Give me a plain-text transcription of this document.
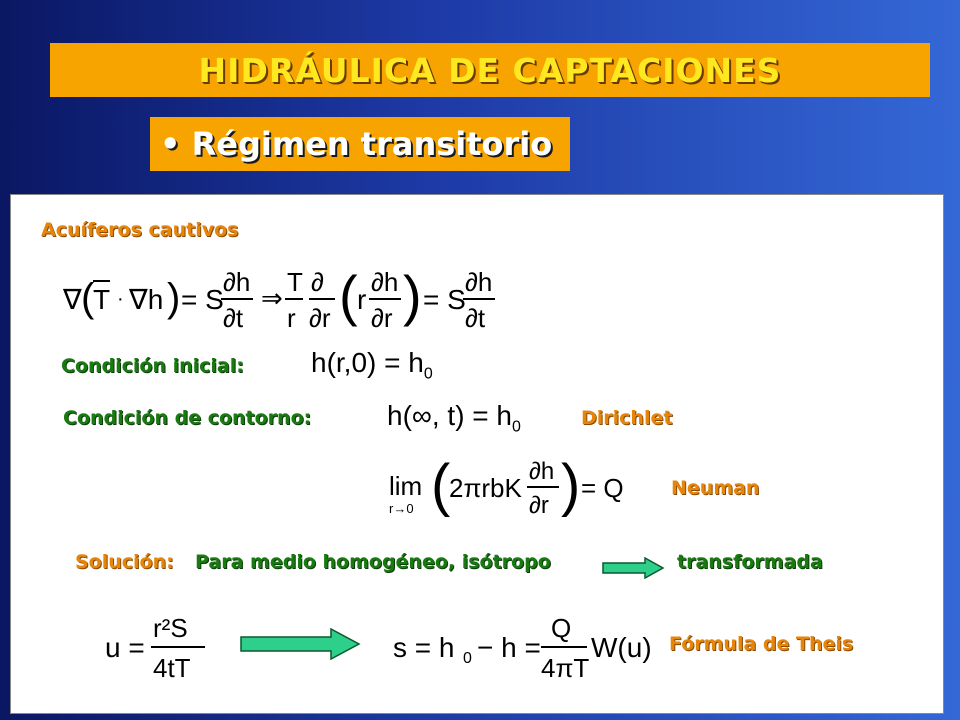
HIDRÁULICA DE CAPTACIONES
• Régimen transitorio
Acuíferos cautivos
∇ (
T · ∇h ) = S
∂h
∂t
⇒
T
r
∂
∂r ( r
∂h
∂r ) = S
∂h
∂t
Condición inicial: $h(r,0) = h_0$
Condición de contorno:	h(∞, $t) = h_0$	Dirichlet
lim
r→0 (
2πrbK
∂h
∂r ) = Q Neuman
Solución: Para medio homogéneo, isótropo	transformada
u =
r²S
4tT
s = h 0 − h =
Q
4πT
W(u) Fórmula de Theis
